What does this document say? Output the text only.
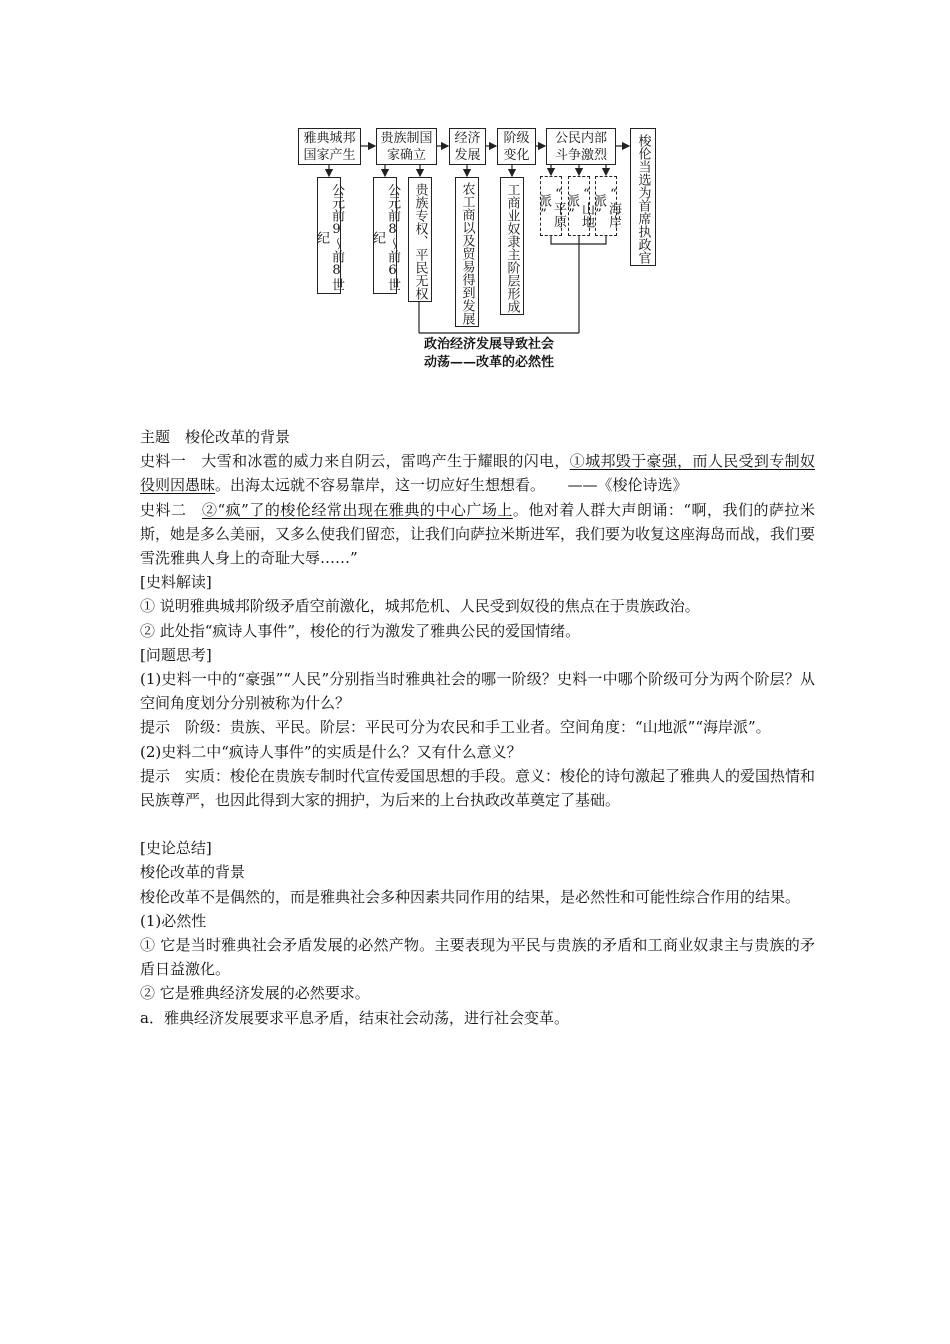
雅典城邦
国家产生
贵族制国
家确立
经济
发展
阶级
变化
公民内部
斗争激烈	梭伦当选为首席执政官
公元前9～前8世纪	公元前8～前6世纪	贵族专权、平民无权 农工商以及贸易得到发展 工商业奴隶主阶层形成	“平原派”	“山地派”	“海岸派”
政治经济发展导致社会
动荡——改革的必然性

主题　梭伦改革的背景

史料一　大雪和冰雹的威力来自阴云，雷鸣产生于耀眼的闪电，①城邦毁于豪强，而人民受到专制奴役则因愚昧。出海太远就不容易靠岸，这一切应好生想想看。　　——《梭伦诗选》

史料二　②“疯”了的梭伦经常出现在雅典的中心广场上。他对着人群大声朗诵：“啊，我们的萨拉米斯，她是多么美丽，又多么使我们留恋，让我们向萨拉米斯进军，我们要为收复这座海岛而战，我们要雪洗雅典人身上的奇耻大辱……”

[史料解读]

① 说明雅典城邦阶级矛盾空前激化，城邦危机、人民受到奴役的焦点在于贵族政治。

② 此处指“疯诗人事件”，梭伦的行为激发了雅典公民的爱国情绪。

[问题思考]

(1)史料一中的“豪强”“人民”分别指当时雅典社会的哪一阶级？史料一中哪个阶级可分为两个阶层？从空间角度划分分别被称为什么？

提示　阶级：贵族、平民。阶层：平民可分为农民和手工业者。空间角度：“山地派”“海岸派”。

(2)史料二中“疯诗人事件”的实质是什么？又有什么意义？

提示　实质：梭伦在贵族专制时代宣传爱国思想的手段。意义：梭伦的诗句激起了雅典人的爱国热情和民族尊严，也因此得到大家的拥护，为后来的上台执政改革奠定了基础。

[史论总结]

梭伦改革的背景

梭伦改革不是偶然的，而是雅典社会多种因素共同作用的结果，是必然性和可能性综合作用的结果。

(1)必然性

① 它是当时雅典社会矛盾发展的必然产物。主要表现为平民与贵族的矛盾和工商业奴隶主与贵族的矛盾日益激化。

② 它是雅典经济发展的必然要求。

a．雅典经济发展要求平息矛盾，结束社会动荡，进行社会变革。
